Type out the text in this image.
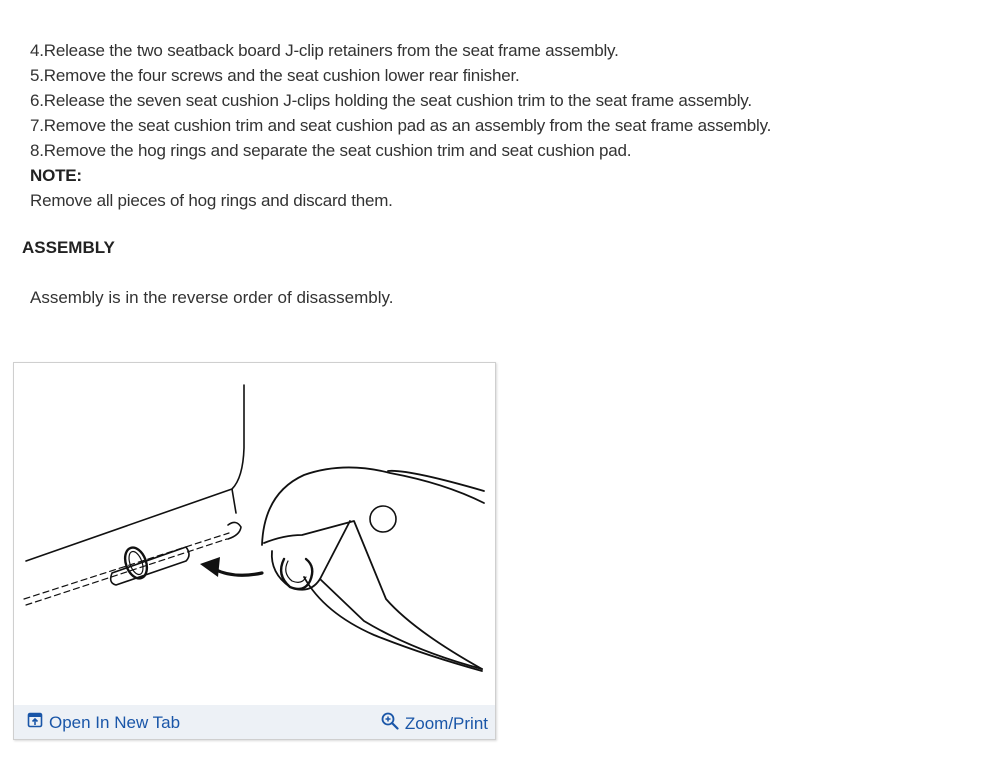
4.Release the two seatback board J-clip retainers from the seat frame assembly.
5.Remove the four screws and the seat cushion lower rear finisher.
6.Release the seven seat cushion J-clips holding the seat cushion trim to the seat frame assembly.
7.Remove the seat cushion trim and seat cushion pad as an assembly from the seat frame assembly.
8.Remove the hog rings and separate the seat cushion trim and seat cushion pad.
NOTE:
Remove all pieces of hog rings and discard them.
ASSEMBLY
Assembly is in the reverse order of disassembly.
Open In New Tab	Zoom/Print
